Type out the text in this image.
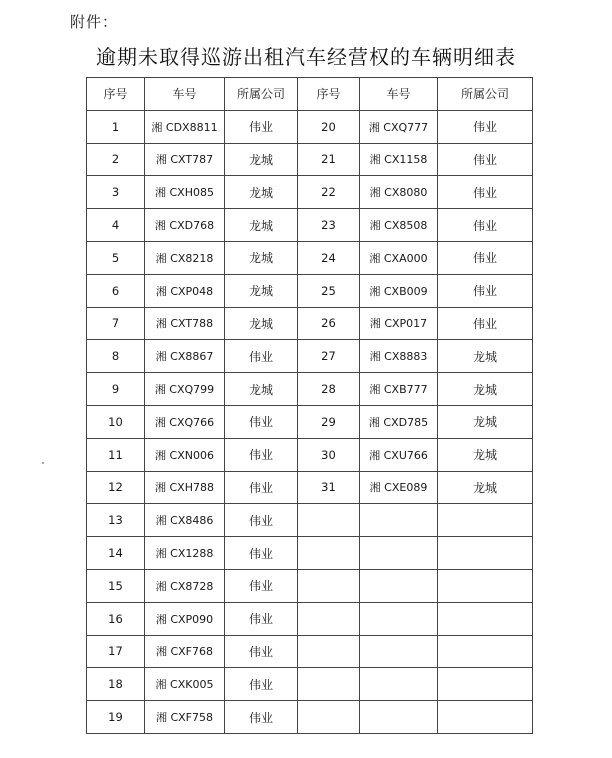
附件：
逾期未取得巡游出租汽车经营权的车辆明细表
序号	车号	所属公司	序号	车号	所属公司
1	湘 CDX8811	伟业	20	湘 CXQ777	伟业
2	湘 CXT787	龙城	21	湘 CX1158	伟业
3	湘 CXH085	龙城	22	湘 CX8080	伟业
4	湘 CXD768	龙城	23	湘 CX8508	伟业
5	湘 CX8218	龙城	24	湘 CXA000	伟业
6	湘 CXP048	龙城	25	湘 CXB009	伟业
7	湘 CXT788	龙城	26	湘 CXP017	伟业
8	湘 CX8867	伟业	27	湘 CX8883	龙城
9	湘 CXQ799	龙城	28	湘 CXB777	龙城
10	湘 CXQ766	伟业	29	湘 CXD785	龙城
11	湘 CXN006	伟业	30	湘 CXU766	龙城
12	湘 CXH788	伟业	31	湘 CXE089	龙城
13	湘 CX8486	伟业			
14	湘 CX1288	伟业			
15	湘 CX8728	伟业			
16	湘 CXP090	伟业			
17	湘 CXF768	伟业			
18	湘 CXK005	伟业			
19	湘 CXF758	伟业			
